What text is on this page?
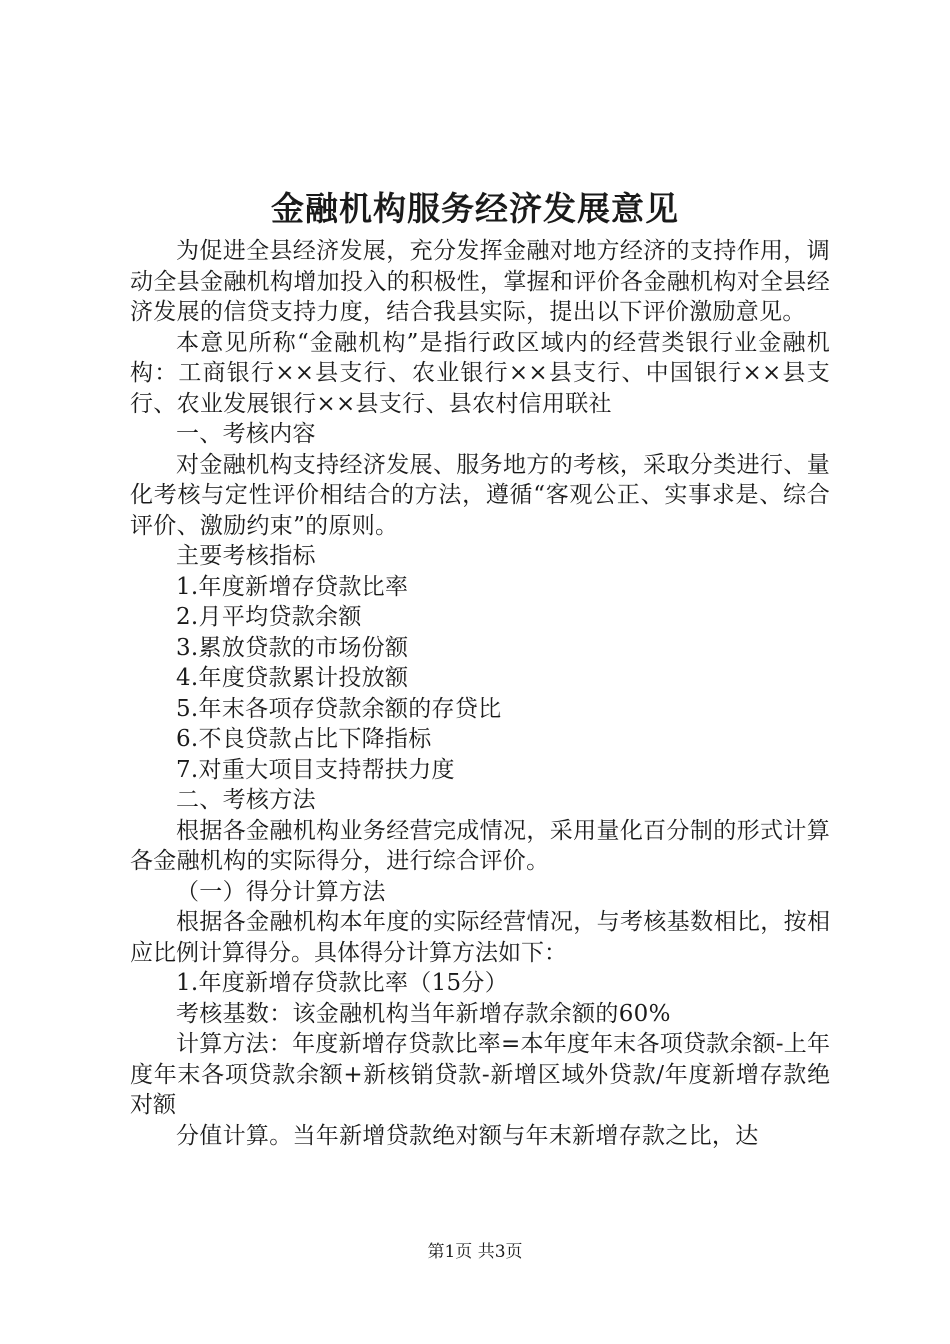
金融机构服务经济发展意见

为促进全县经济发展，充分发挥金融对地方经济的支持作用，调动全县金融机构增加投入的积极性，掌握和评价各金融机构对全县经济发展的信贷支持力度，结合我县实际，提出以下评价激励意见。

本意见所称“金融机构”是指行政区域内的经营类银行业金融机构：工商银行××县支行、农业银行××县支行、中国银行××县支行、农业发展银行××县支行、县农村信用联社

一、考核内容

对金融机构支持经济发展、服务地方的考核，采取分类进行、量化考核与定性评价相结合的方法，遵循“客观公正、实事求是、综合评价、激励约束”的原则。

主要考核指标

1.年度新增存贷款比率

2.月平均贷款余额

3.累放贷款的市场份额

4.年度贷款累计投放额

5.年末各项存贷款余额的存贷比

6.不良贷款占比下降指标

7.对重大项目支持帮扶力度

二、考核方法

根据各金融机构业务经营完成情况，采用量化百分制的形式计算各金融机构的实际得分，进行综合评价。

（一）得分计算方法

根据各金融机构本年度的实际经营情况，与考核基数相比，按相应比例计算得分。具体得分计算方法如下：

1.年度新增存贷款比率（15分）

考核基数：该金融机构当年新增存款余额的60%

计算方法：年度新增存贷款比率=本年度年末各项贷款余额-上年度年末各项贷款余额+新核销贷款-新增区域外贷款/年度新增存款绝对额

分值计算。当年新增贷款绝对额与年末新增存款之比，达

第1页 共3页
